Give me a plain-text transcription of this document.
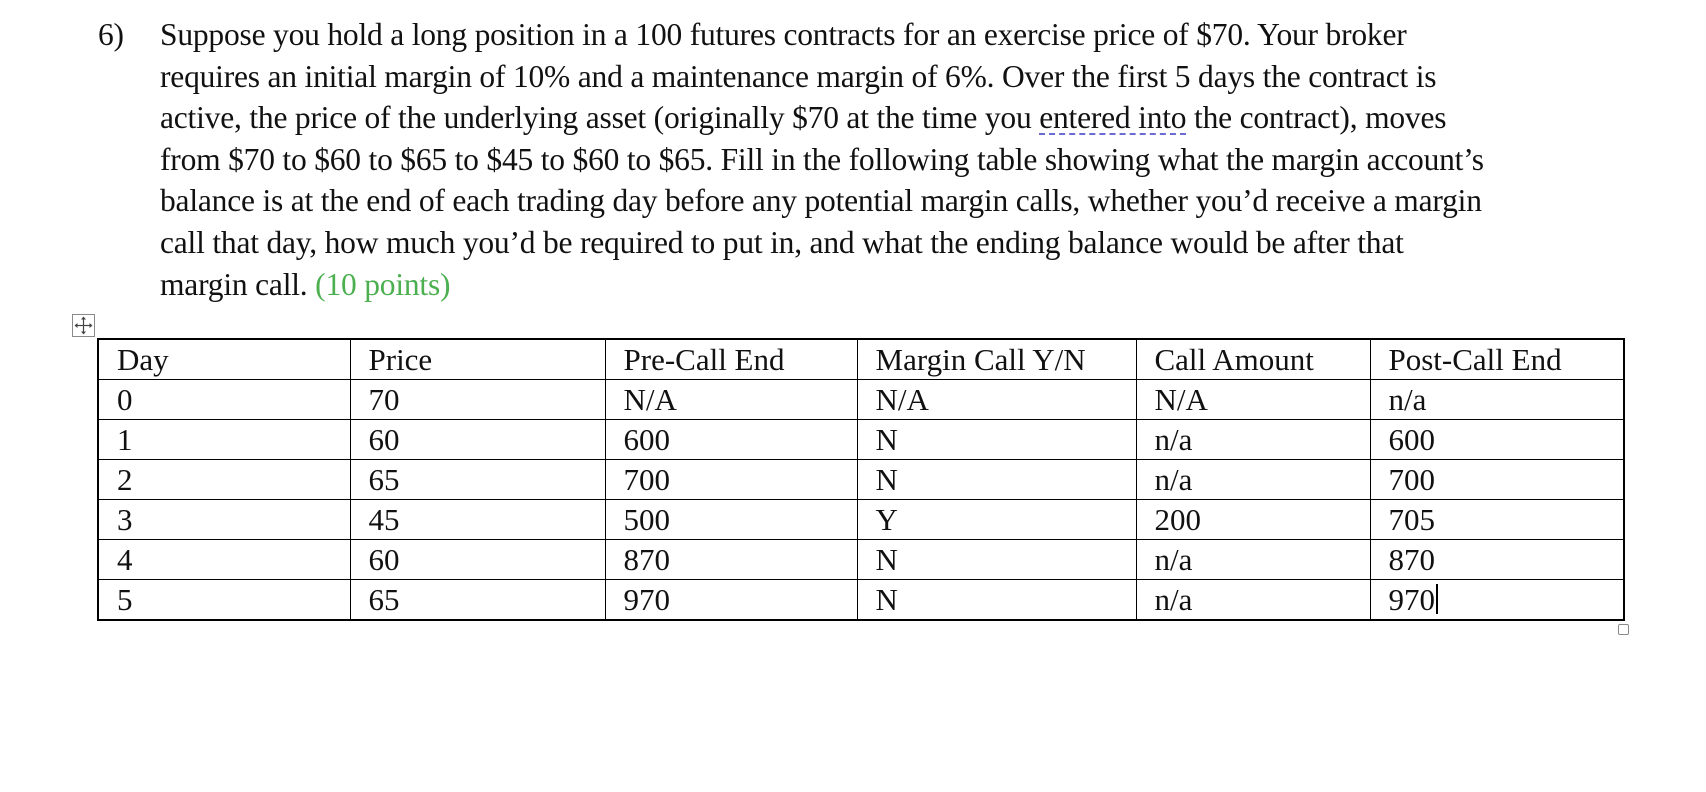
6) Suppose you hold a long position in a 100 futures contracts for an exercise price of $70. Your broker
requires an initial margin of 10% and a maintenance margin of 6%. Over the first 5 days the contract is
active, the price of the underlying asset (originally $70 at the time you entered into the contract), moves
from $70 to $60 to $65 to $45 to $60 to $65. Fill in the following table showing what the margin account’s
balance is at the end of each trading day before any potential margin calls, whether you’d receive a margin
call that day, how much you’d be required to put in, and what the ending balance would be after that
margin call. (10 points)
Day	Price	Pre-Call End	Margin Call Y/N	Call Amount	Post-Call End
0	70	N/A	N/A	N/A	n/a
1	60	600	N	n/a	600
2	65	700	N	n/a	700
3	45	500	Y	200	705
4	60	870	N	n/a	870
5	65	970	N	n/a	970
